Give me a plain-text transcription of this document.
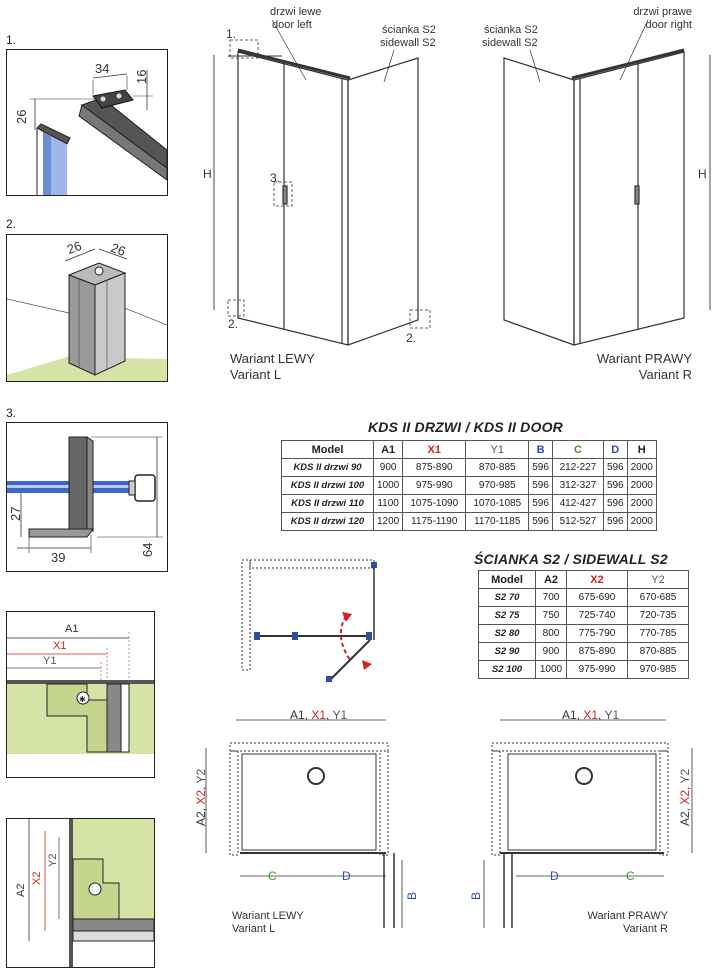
1.
34
16
26
2.
26 26
3.
27
39
64
✱
A1
X1
Y1
A2
X2
Y2
drzwi lewe
door left	ścianka S2
sidewall S2
H
1.
3.
2.
2.
Wariant LEWY
Variant L
ścianka S2
sidewall S2
drzwi prawe
door right
H
Wariant PRAWY
Variant R
KDS II DRZWI / KDS II DOOR
Model	A1	X1	Y1	B	C	D	H
KDS II drzwi 90	900	875-890	870-885	596	212-227	596	2000
KDS II drzwi 100	1000	975-990	970-985	596	312-327	596	2000
KDS II drzwi 110	1100	1075-1090	1070-1085	596	412-427	596	2000
KDS II drzwi 120	1200	1175-1190	1170-1185	596	512-527	596	2000
ŚCIANKA S2 / SIDEWALL S2
Model	A2	X2	Y2
S2 70	700	675-690	670-685
S2 75	750	725-740	720-735
S2 80	800	775-790	770-785
S2 90	900	875-890	870-885
S2 100	1000	975-990	970-985
A1, X1, Y1
A2, X2, Y2
C	D
B
Wariant LEWY
Variant L
A1, X1, Y1
A2, X2, Y2
D	C
B
Wariant PRAWY
Variant R
